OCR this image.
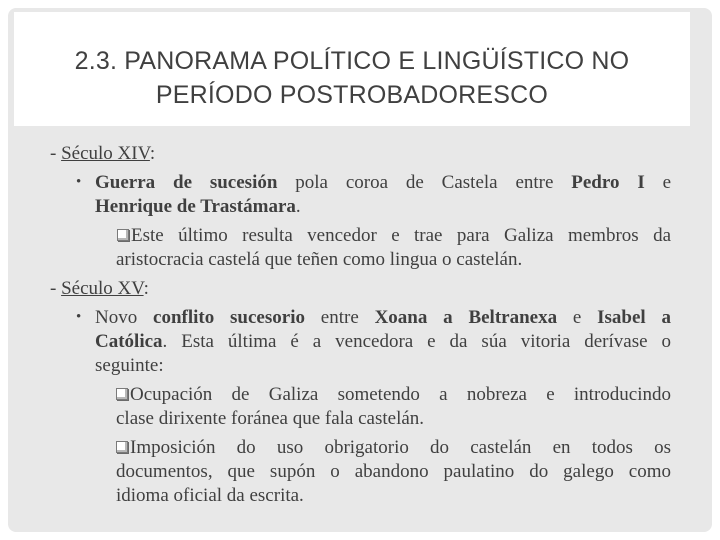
2.3. PANORAMA POLÍTICO E LINGÜÍSTICO NO
PERÍODO POSTROBADORESCO
- Século XIV:
• Guerra de sucesión pola coroa de Castela entre Pedro I e
Henrique de Trastámara.
Este último resulta vencedor e trae para Galiza membros da
aristocracia castelá que teñen como lingua o castelán.
- Século XV:
• Novo conflito sucesorio entre Xoana a Beltranexa e Isabel a
Católica. Esta última é a vencedora e da súa vitoria derívase o
seguinte:
Ocupación de Galiza sometendo a nobreza e introducindo
clase dirixente foránea que fala castelán.
Imposición do uso obrigatorio do castelán en todos os
documentos, que supón o abandono paulatino do galego como
idioma oficial da escrita.
